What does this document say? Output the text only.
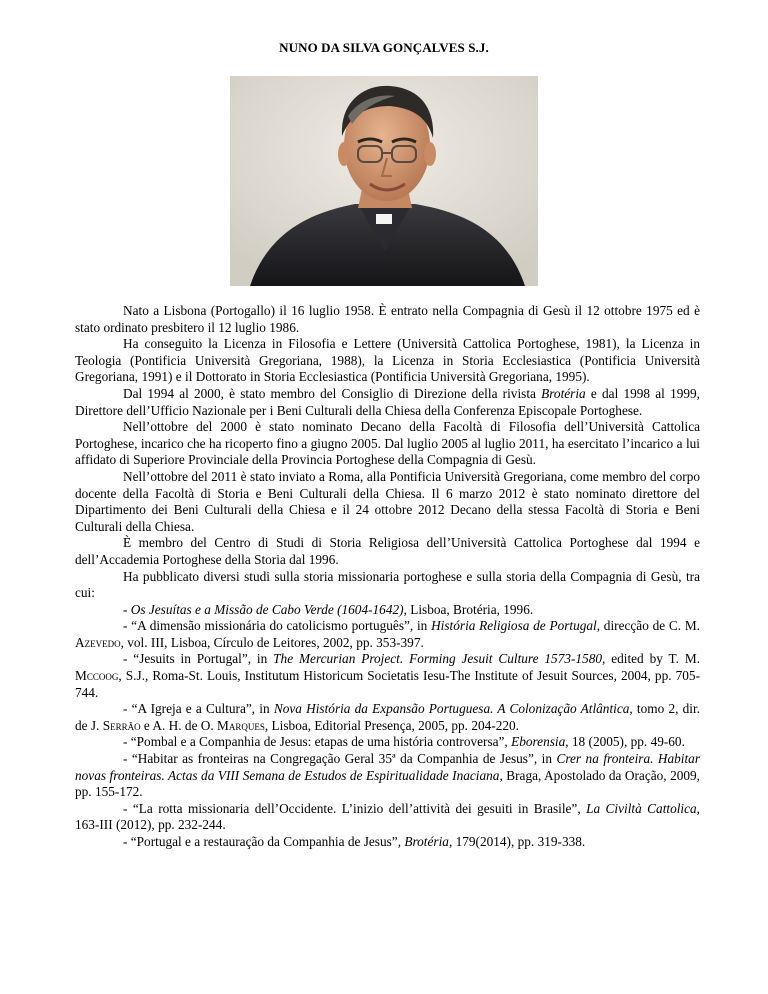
NUNO DA SILVA GONÇALVES S.J.

Nato a Lisbona (Portogallo) il 16 luglio 1958. È entrato nella Compagnia di Gesù il 12 ottobre 1975 ed è stato ordinato presbitero il 12 luglio 1986.

Ha conseguito la Licenza in Filosofia e Lettere (Università Cattolica Portoghese, 1981), la Licenza in Teologia (Pontificia Università Gregoriana, 1988), la Licenza in Storia Ecclesiastica (Pontificia Università Gregoriana, 1991) e il Dottorato in Storia Ecclesiastica (Pontificia Università Gregoriana, 1995).

Dal 1994 al 2000, è stato membro del Consiglio di Direzione della rivista Brotéria e dal 1998 al 1999, Direttore dell’Ufficio Nazionale per i Beni Culturali della Chiesa della Conferenza Episcopale Portoghese.

Nell’ottobre del 2000 è stato nominato Decano della Facoltà di Filosofia dell’Università Cattolica Portoghese, incarico che ha ricoperto fino a giugno 2005. Dal luglio 2005 al luglio 2011, ha esercitato l’incarico a lui affidato di Superiore Provinciale della Provincia Portoghese della Compagnia di Gesù.

Nell’ottobre del 2011 è stato inviato a Roma, alla Pontificia Università Gregoriana, come membro del corpo docente della Facoltà di Storia e Beni Culturali della Chiesa. Il 6 marzo 2012 è stato nominato direttore del Dipartimento dei Beni Culturali della Chiesa e il 24 ottobre 2012 Decano della stessa Facoltà di Storia e Beni Culturali della Chiesa.

È membro del Centro di Studi di Storia Religiosa dell’Università Cattolica Portoghese dal 1994 e dell’Accademia Portoghese della Storia dal 1996.

Ha pubblicato diversi studi sulla storia missionaria portoghese e sulla storia della Compagnia di Gesù, tra cui:

- Os Jesuítas e a Missão de Cabo Verde (1604-1642), Lisboa, Brotéria, 1996.

- “A dimensão missionária do catolicismo português”, in História Religiosa de Portugal, direcção de C. M. Azevedo, vol. III, Lisboa, Círculo de Leitores, 2002, pp. 353-397.

- “Jesuits in Portugal”, in The Mercurian Project. Forming Jesuit Culture 1573-1580, edited by T. M. Mccoog, S.J., Roma-St. Louis, Institutum Historicum Societatis Iesu-The Institute of Jesuit Sources, 2004, pp. 705-744.

- “A Igreja e a Cultura”, in Nova História da Expansão Portuguesa. A Colonização Atlântica, tomo 2, dir. de J. Serrão e A. H. de O. Marques, Lisboa, Editorial Presença, 2005, pp. 204-220.

- “Pombal e a Companhia de Jesus: etapas de uma história controversa”, Eborensia, 18 (2005), pp. 49-60.

- “Habitar as fronteiras na Congregação Geral 35ª da Companhia de Jesus”, in Crer na fronteira. Habitar novas fronteiras. Actas da VIII Semana de Estudos de Espiritualidade Inaciana, Braga, Apostolado da Oração, 2009, pp. 155-172.

- “La rotta missionaria dell’Occidente. L’inizio dell’attività dei gesuiti in Brasile”, La Civiltà Cattolica, 163-III (2012), pp. 232-244.

- “Portugal e a restauração da Companhia de Jesus”, Brotéria, 179(2014), pp. 319-338.
